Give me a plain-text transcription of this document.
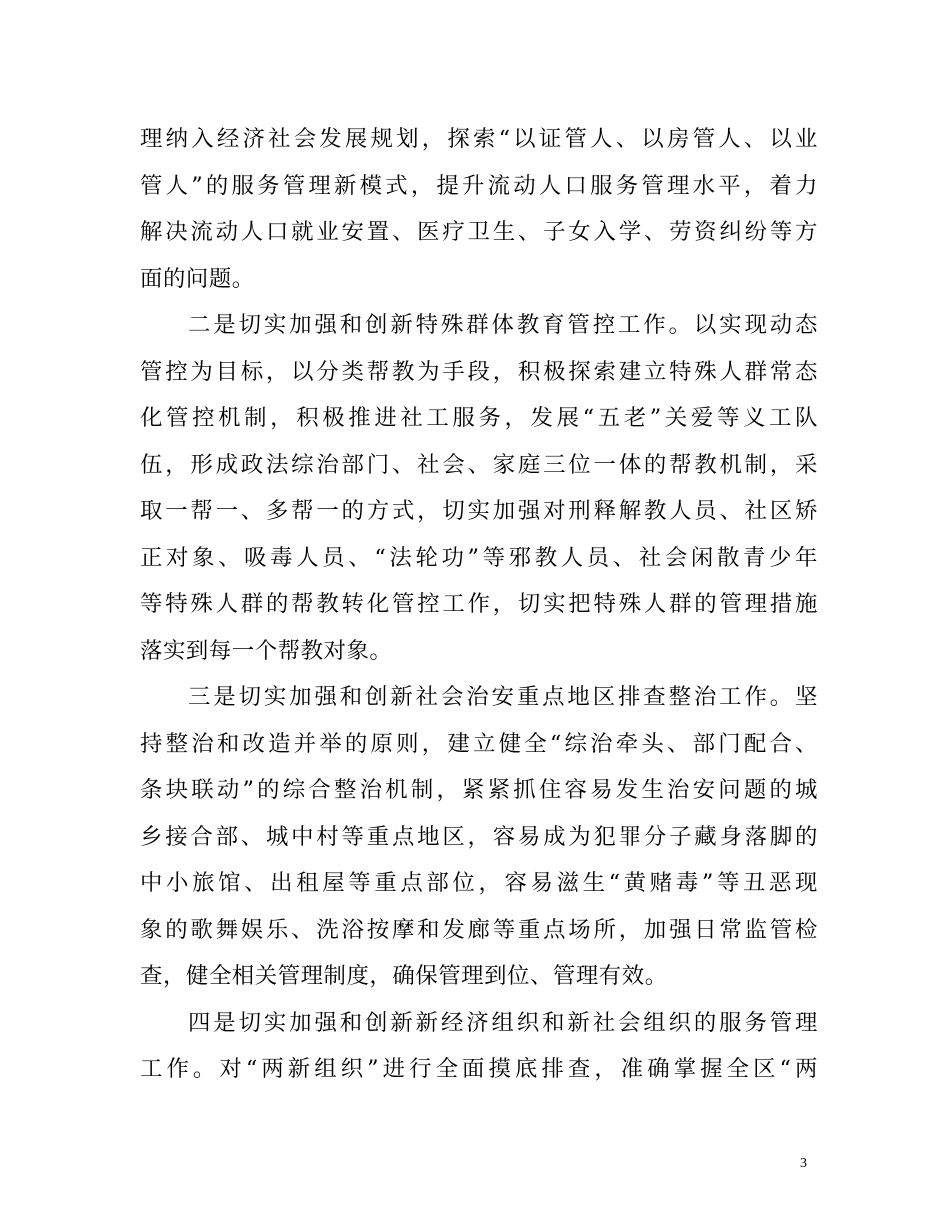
理纳入经济社会发展规划，探索“以证管人、以房管人、以业
管人”的服务管理新模式，提升流动人口服务管理水平，着力
解决流动人口就业安置、医疗卫生、子女入学、劳资纠纷等方
面的问题。
二是切实加强和创新特殊群体教育管控工作。以实现动态
管控为目标，以分类帮教为手段，积极探索建立特殊人群常态
化管控机制，积极推进社工服务，发展“五老”关爱等义工队
伍，形成政法综治部门、社会、家庭三位一体的帮教机制，采
取一帮一、多帮一的方式，切实加强对刑释解教人员、社区矫
正对象、吸毒人员、“法轮功”等邪教人员、社会闲散青少年
等特殊人群的帮教转化管控工作，切实把特殊人群的管理措施
落实到每一个帮教对象。
三是切实加强和创新社会治安重点地区排查整治工作。坚
持整治和改造并举的原则，建立健全“综治牵头、部门配合、
条块联动”的综合整治机制，紧紧抓住容易发生治安问题的城
乡接合部、城中村等重点地区，容易成为犯罪分子藏身落脚的
中小旅馆、出租屋等重点部位，容易滋生“黄赌毒”等丑恶现
象的歌舞娱乐、洗浴按摩和发廊等重点场所，加强日常监管检
查，健全相关管理制度，确保管理到位、管理有效。
四是切实加强和创新新经济组织和新社会组织的服务管理
工作。对“两新组织”进行全面摸底排查，准确掌握全区“两
3
